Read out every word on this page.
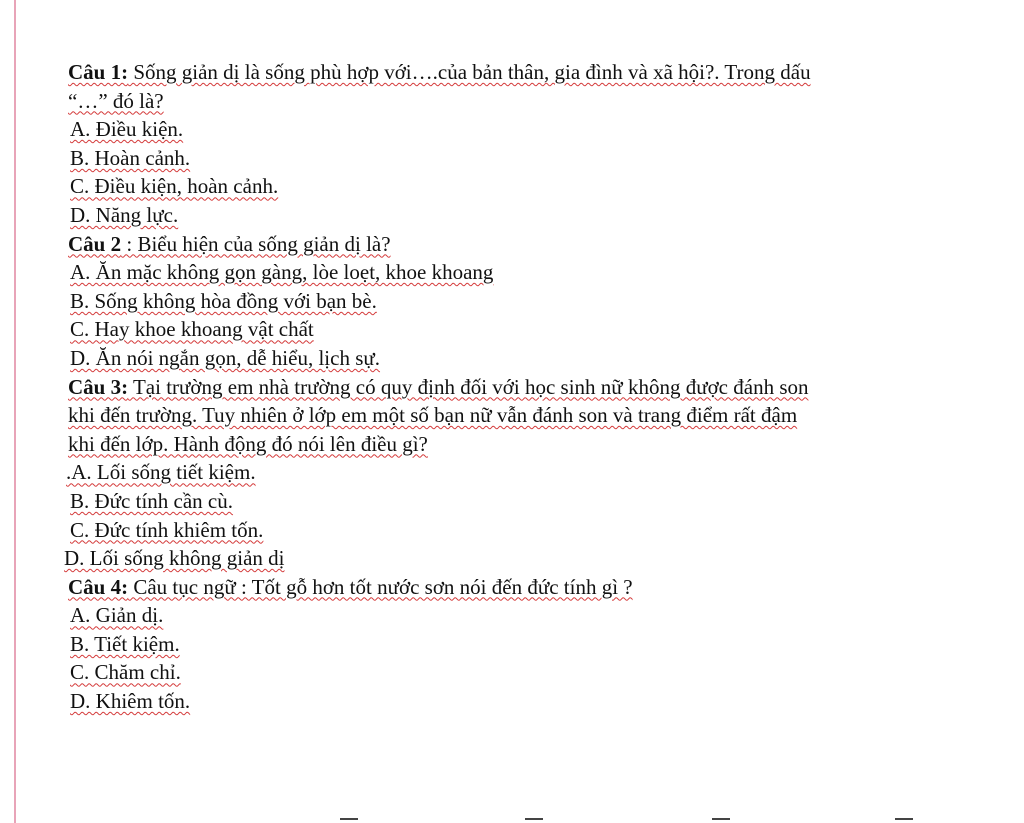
Câu 1: Sống giản dị là sống phù hợp với….của bản thân, gia đình và xã hội?. Trong dấu
“…” đó là?
A. Điều kiện.
B. Hoàn cảnh.
C. Điều kiện, hoàn cảnh.
D. Năng lực.
Câu 2 : Biểu hiện của sống giản dị là?
A. Ăn mặc không gọn gàng, lòe loẹt, khoe khoang
B. Sống không hòa đồng với bạn bè.
C. Hay khoe khoang vật chất
D. Ăn nói ngắn gọn, dễ hiểu, lịch sự.
Câu 3: Tại trường em nhà trường có quy định đối với học sinh nữ không được đánh son
khi đến trường. Tuy nhiên ở lớp em một số bạn nữ vẫn đánh son và trang điểm rất đậm
khi đến lớp. Hành động đó nói lên điều gì?
.A. Lối sống tiết kiệm.
B. Đức tính cần cù.
C. Đức tính khiêm tốn.
D. Lối sống không giản dị
Câu 4: Câu tục ngữ : Tốt gỗ hơn tốt nước sơn nói đến đức tính gì ?
A. Giản dị.
B. Tiết kiệm.
C. Chăm chỉ.
D. Khiêm tốn.
